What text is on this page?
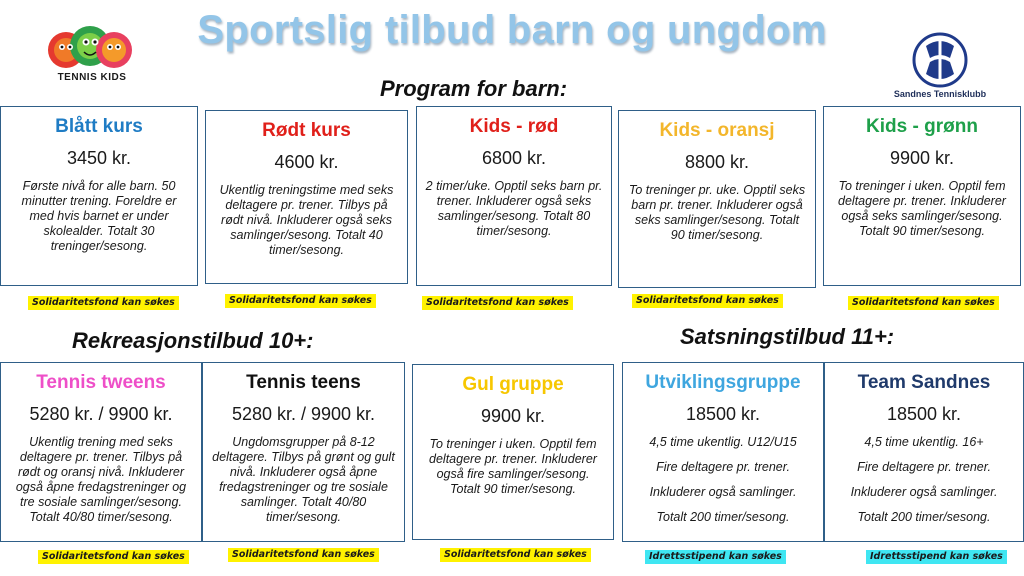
Sportslig tilbud barn og ungdom
TENNIS KIDS
Sandnes Tennisklubb
Program for barn:
Rekreasjonstilbud 10+:	Satsningstilbud 11+:
Blått kurs
3450 kr.

Første nivå for alle barn. 50 minutter trening. Foreldre er med hvis barnet er under skolealder. Totalt 30 treninger/sesong.

Rødt kurs
4600 kr.

Ukentlig treningstime med seks deltagere pr. trener. Tilbys på rødt nivå. Inkluderer også seks samlinger/sesong. Totalt 40 timer/sesong.

Kids - rød
6800 kr.

2 timer/uke. Opptil seks barn pr. trener. Inkluderer også seks samlinger/sesong. Totalt 80 timer/sesong.

Kids - oransj
8800 kr.

To treninger pr. uke. Opptil seks barn pr. trener. Inkluderer også seks samlinger/sesong. Totalt 90 timer/sesong.

Kids - grønn
9900 kr.

To treninger i uken. Opptil fem deltagere pr. trener. Inkluderer også seks samlinger/sesong. Totalt 90 timer/sesong.

Solidaritetsfond kan søkes	Solidaritetsfond kan søkes	Solidaritetsfond kan søkes	Solidaritetsfond kan søkes	Solidaritetsfond kan søkes
Tennis tweens
5280 kr. / 9900 kr.

Ukentlig trening med seks deltagere pr. trener. Tilbys på rødt og oransj nivå. Inkluderer også åpne fredagstreninger og tre sosiale samlinger/sesong. Totalt 40/80 timer/sesong.

Tennis teens
5280 kr. / 9900 kr.

Ungdomsgrupper på 8-12 deltagere. Tilbys på grønt og gult nivå. Inkluderer også åpne fredagstreninger og tre sosiale samlinger. Totalt 40/80 timer/sesong.

Gul gruppe
9900 kr.

To treninger i uken. Opptil fem deltagere pr. trener. Inkluderer også fire samlinger/sesong. Totalt 90 timer/sesong.

Utviklingsgruppe
18500 kr.

4,5 time ukentlig. U12/U15

Fire deltagere pr. trener.

Inkluderer også samlinger.

Totalt 200 timer/sesong.

Team Sandnes
18500 kr.

4,5 time ukentlig. 16+

Fire deltagere pr. trener.

Inkluderer også samlinger.

Totalt 200 timer/sesong.

Solidaritetsfond kan søkes	Solidaritetsfond kan søkes	Solidaritetsfond kan søkes	Idrettsstipend kan søkes	Idrettsstipend kan søkes
